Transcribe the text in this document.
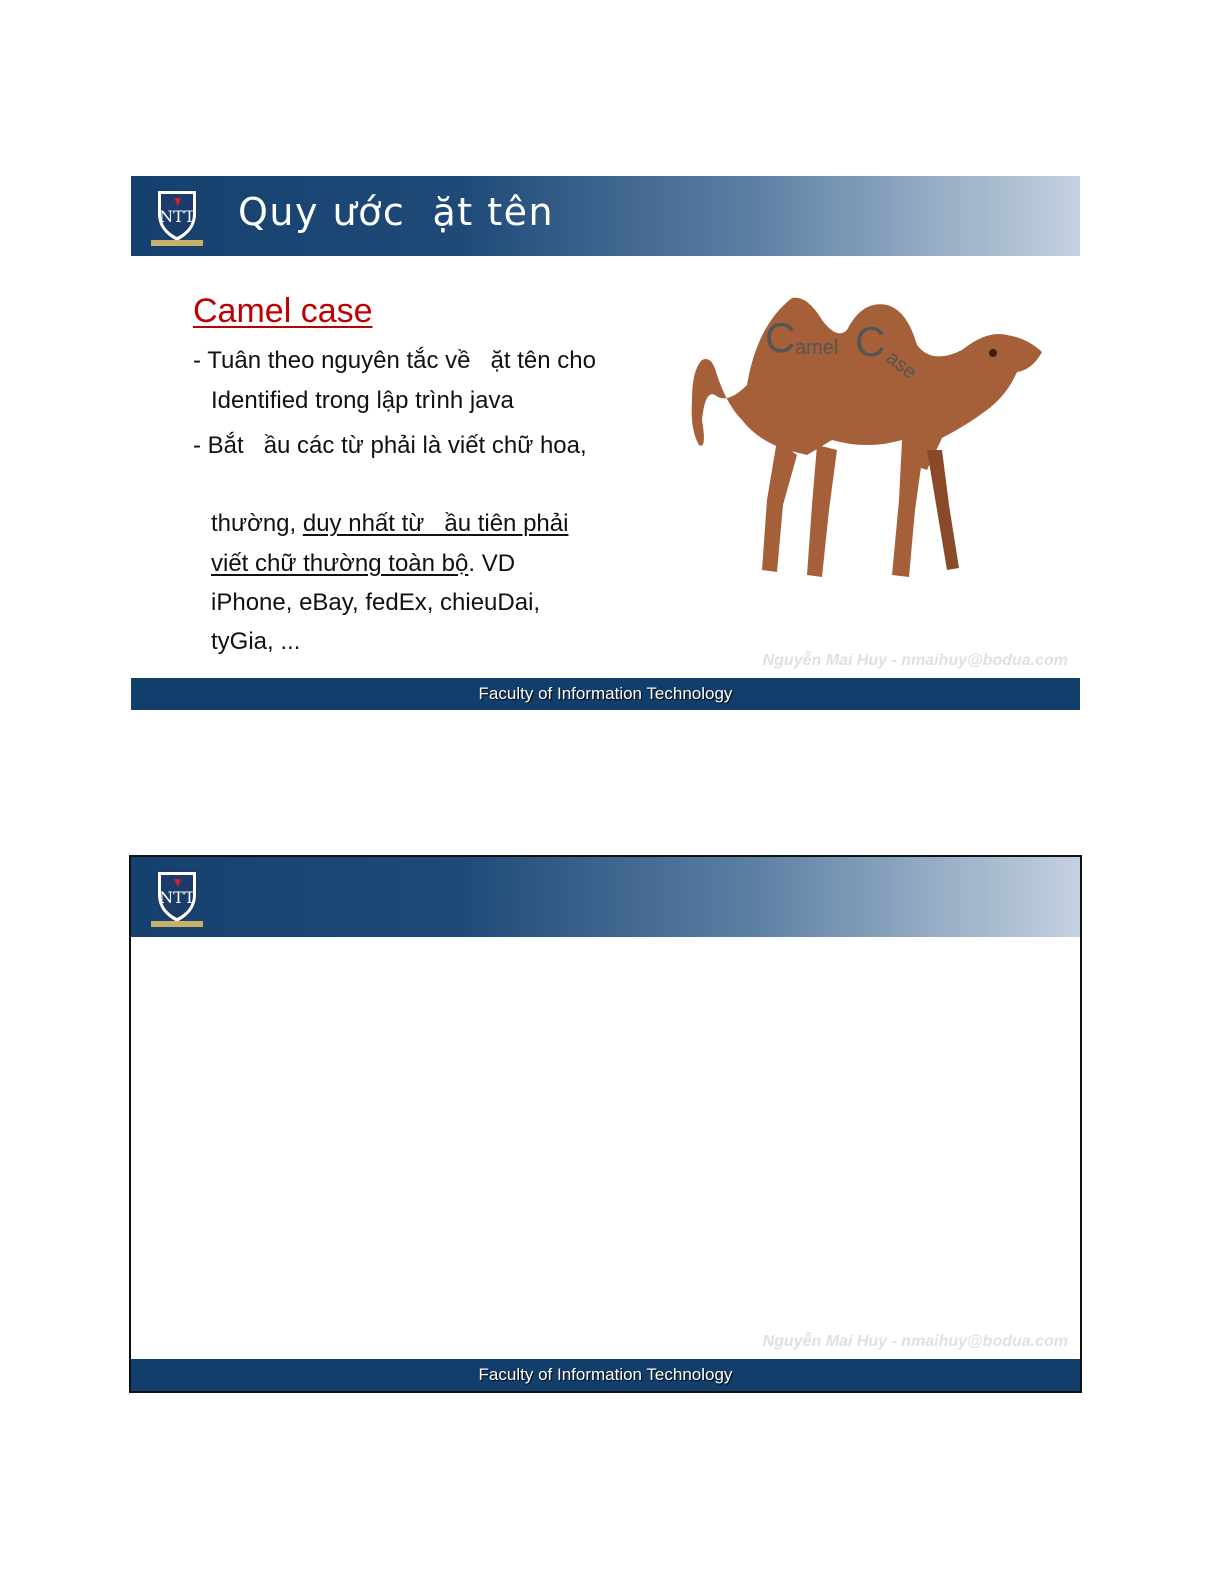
NTT Quy ước  ặt tên
Camel case
- Tuân theo nguyên tắc về   ặt tên cho
Identified trong lập trình java
- Bắt   ầu các từ phải là viết chữ hoa,
thường, duy nhất từ   ầu tiên phải
viết chữ thường toàn bộ. VD
iPhone, eBay, fedEx, chieuDai,
tyGia, ...
C amel C
ase
Nguyễn Mai Huy - nmaihuy@bodua.com
Faculty of Information Technology
NTT
Nguyễn Mai Huy - nmaihuy@bodua.com
Faculty of Information Technology
